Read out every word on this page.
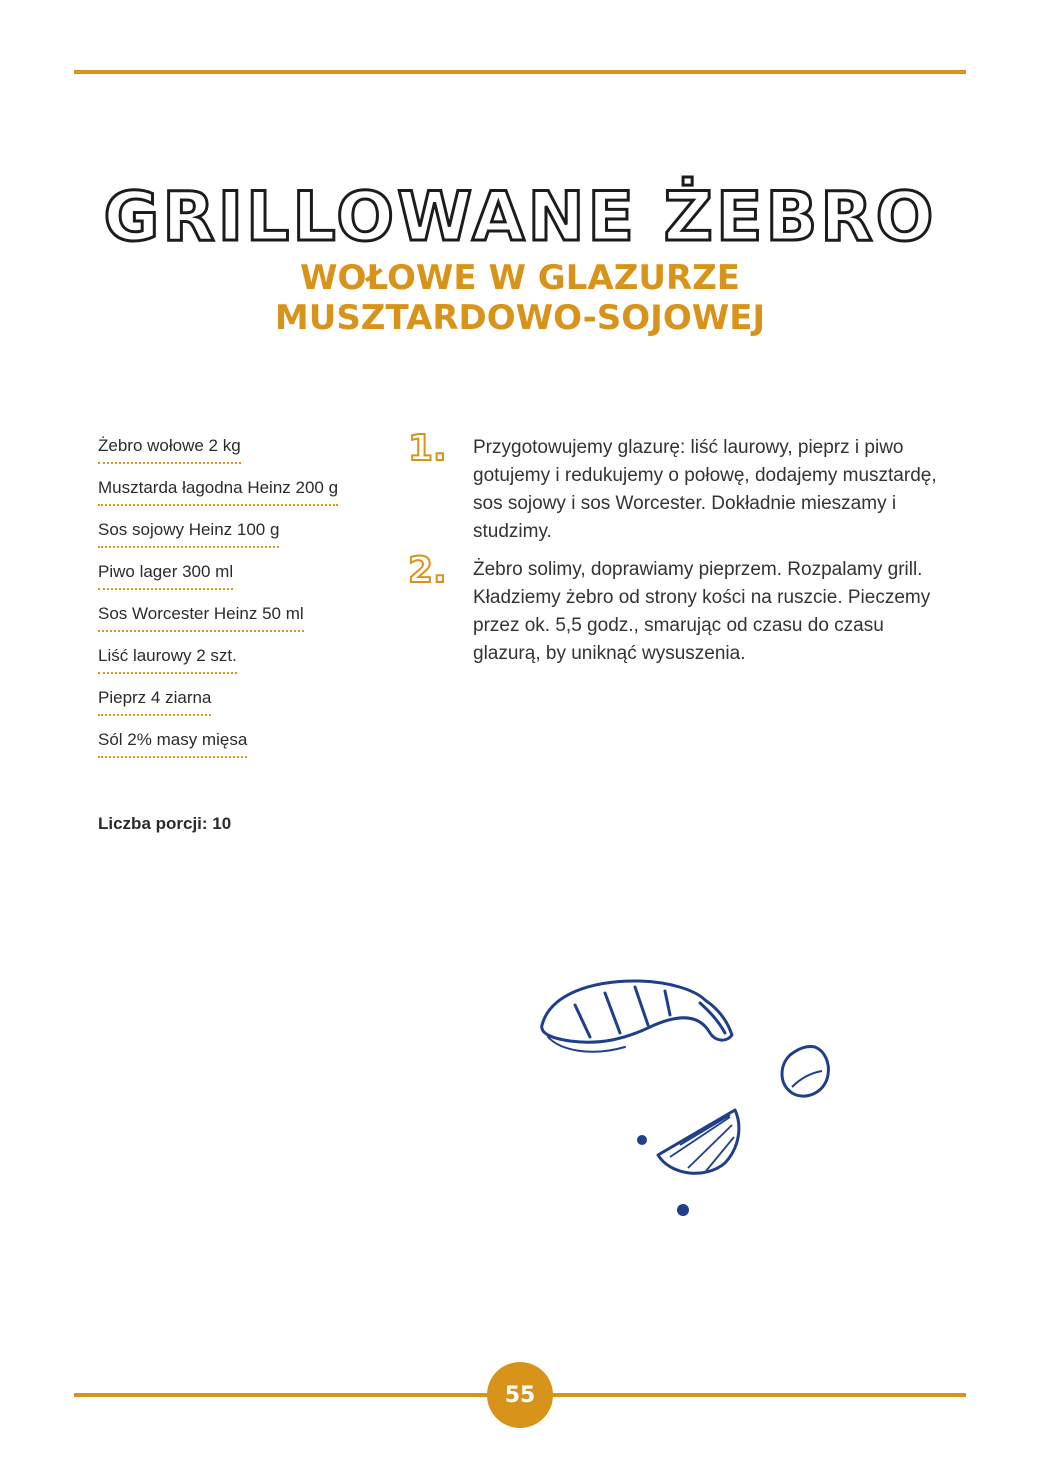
GRILLOWANE ŻEBRO
WOŁOWE W GLAZURZE
MUSZTARDOWO-SOJOWEJ
Żebro wołowe 2 kg
Musztarda łagodna Heinz 200 g
Sos sojowy Heinz 100 g
Piwo lager 300 ml
Sos Worcester Heinz 50 ml
Liść laurowy 2 szt.
Pieprz 4 ziarna
Sól 2% masy mięsa
Liczba porcji: 10
1. Przygotowujemy glazurę: liść laurowy, pieprz i piwo gotujemy i redukujemy o połowę, dodajemy musztardę, sos sojowy i sos Worcester. Dokładnie mieszamy i studzimy.
2. Żebro solimy, doprawiamy pieprzem. Rozpalamy grill. Kładziemy żebro od strony kości na ruszcie. Pieczemy przez ok. 5,5 godz., smarując od czasu do czasu glazurą, by uniknąć wysuszenia.
55
